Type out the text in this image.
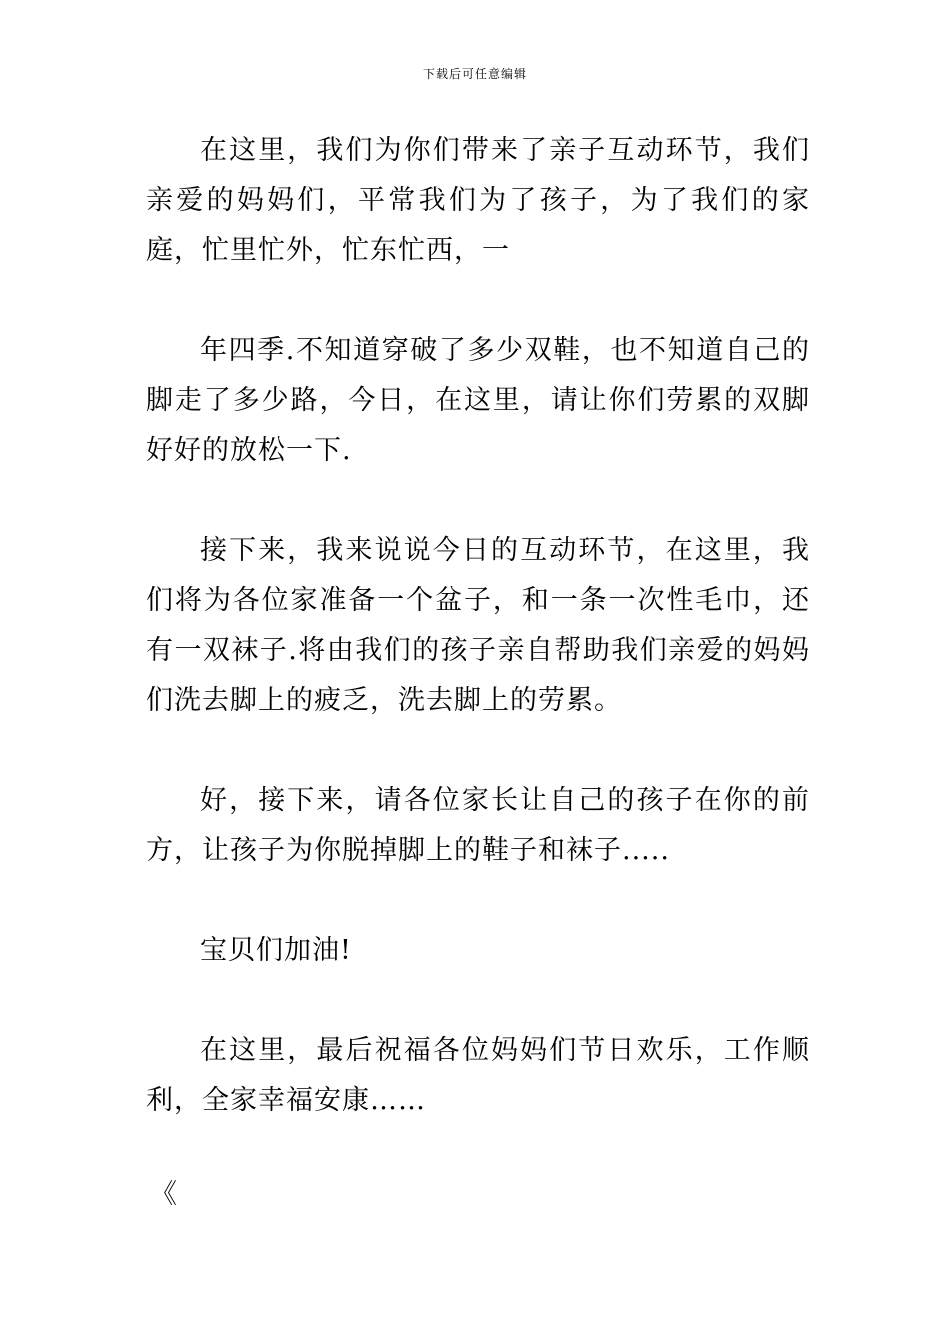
下载后可任意编辑

在这里，我们为你们带来了亲子互动环节，我们亲爱的妈妈们，平常我们为了孩子，为了我们的家庭，忙里忙外，忙东忙西，一

年四季.不知道穿破了多少双鞋，也不知道自己的脚走了多少路，今日，在这里，请让你们劳累的双脚好好的放松一下.

接下来，我来说说今日的互动环节，在这里，我们将为各位家准备一个盆子，和一条一次性毛巾，还有一双袜子.将由我们的孩子亲自帮助我们亲爱的妈妈们洗去脚上的疲乏，洗去脚上的劳累。

好，接下来，请各位家长让自己的孩子在你的前方，让孩子为你脱掉脚上的鞋子和袜子.....

宝贝们加油!

在这里，最后祝福各位妈妈们节日欢乐，工作顺利，全家幸福安康……

《
